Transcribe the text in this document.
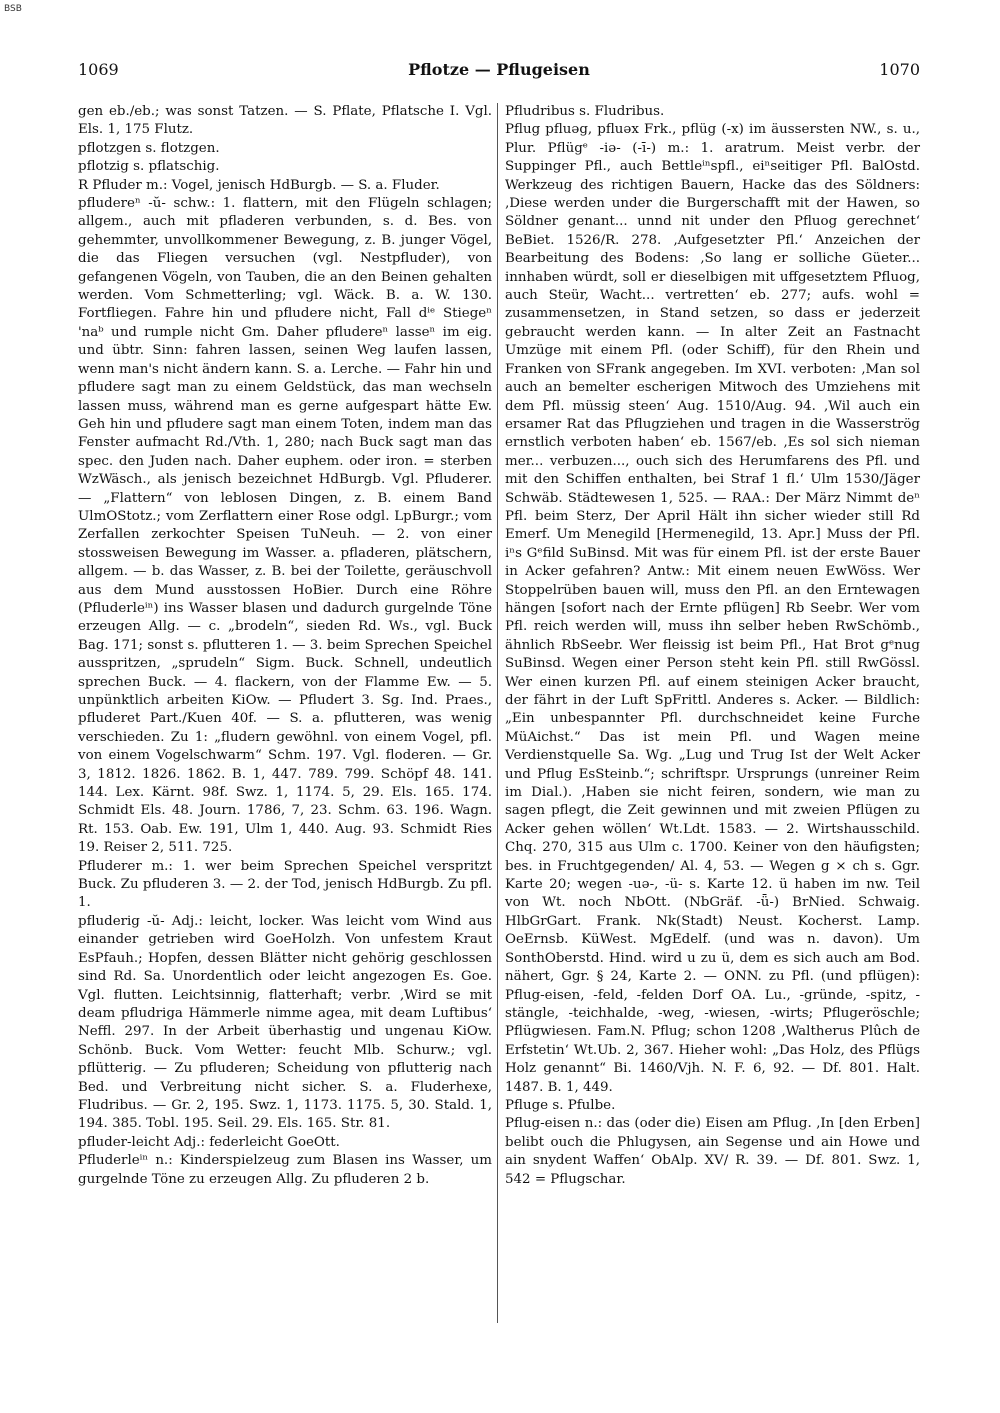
BSB
1069	Pflotze — Pflugeisen	1070

gen eb./eb.; was sonst Tatzen. — S. Pflate, Pflatsche I. Vgl. Els. 1, 175 Flutz.

pflotzgen s. flotzgen.

pflotzig s. pflatschig.

R Pfluder m.: Vogel, jenisch HdBurgb. — S. a. Fluder.

pfludereⁿ -ŭ- schw.: 1. flattern, mit den Flügeln schlagen; allgem., auch mit pfladeren verbunden, s. d. Bes. von gehemmter, unvollkommener Bewegung, z. B. junger Vögel, die das Fliegen versuchen (vgl. Nestpfluder), von gefangenen Vögeln, von Tauben, die an den Beinen gehalten werden. Vom Schmetterling; vgl. Wäck. B. a. W. 130. Fortfliegen. Fahre hin und pfludere nicht, Fall dⁱᵉ Stiegeⁿ 'naᵇ und rumple nicht Gm. Daher pfludereⁿ lasseⁿ im eig. und übtr. Sinn: fahren lassen, seinen Weg laufen lassen, wenn man's nicht ändern kann. S. a. Lerche. — Fahr hin und pfludere sagt man zu einem Geldstück, das man wechseln lassen muss, während man es gerne aufgespart hätte Ew. Geh hin und pfludere sagt man einem Toten, indem man das Fenster aufmacht Rd./Vth. 1, 280; nach Buck sagt man das spec. den Juden nach. Daher euphem. oder iron. = sterben WzWäsch., als jenisch bezeichnet HdBurgb. Vgl. Pfluderer. — „Flattern“ von leblosen Dingen, z. B. einem Band UlmOStotz.; vom Zerflattern einer Rose odgl. LpBurgr.; vom Zerfallen zerkochter Speisen TuNeuh. — 2. von einer stossweisen Bewegung im Wasser. a. pfladeren, plätschern, allgem. — b. das Wasser, z. B. bei der Toilette, geräuschvoll aus dem Mund ausstossen HoBier. Durch eine Röhre (Pfluderleⁱⁿ) ins Wasser blasen und dadurch gurgelnde Töne erzeugen Allg. — c. „brodeln“, sieden Rd. Ws., vgl. Buck Bag. 171; sonst s. pflutteren 1. — 3. beim Sprechen Speichel ausspritzen, „sprudeln“ Sigm. Buck. Schnell, undeutlich sprechen Buck. — 4. flackern, von der Flamme Ew. — 5. unpünktlich arbeiten KiOw. — Pfludert 3. Sg. Ind. Praes., pfluderet Part./Kuen 40f. — S. a. pflutteren, was wenig verschieden. Zu 1: „fludern gewöhnl. von einem Vogel, pfl. von einem Vogelschwarm“ Schm. 197. Vgl. floderen. — Gr. 3, 1812. 1826. 1862. B. 1, 447. 789. 799. Schöpf 48. 141. 144. Lex. Kärnt. 98f. Swz. 1, 1174. 5, 29. Els. 165. 174. Schmidt Els. 48. Journ. 1786, 7, 23. Schm. 63. 196. Wagn. Rt. 153. Oab. Ew. 191, Ulm 1, 440. Aug. 93. Schmidt Ries 19. Reiser 2, 511. 725.

Pfluderer m.: 1. wer beim Sprechen Speichel verspritzt Buck. Zu pfluderen 3. — 2. der Tod, jenisch HdBurgb. Zu pfl. 1.

pfluderig -ŭ- Adj.: leicht, locker. Was leicht vom Wind aus einander getrieben wird GoeHolzh. Von unfestem Kraut EsPfauh.; Hopfen, dessen Blätter nicht gehörig geschlossen sind Rd. Sa. Unordentlich oder leicht angezogen Es. Goe. Vgl. flutten. Leichtsinnig, flatterhaft; verbr. ‚Wird se mit deam pfludriga Hämmerle nimme agea, mit deam Luftibus‘ Neffl. 297. In der Arbeit überhastig und ungenau KiOw. Schönb. Buck. Vom Wetter: feucht Mlb. Schurw.; vgl. pflütterig. — Zu pfluderen; Scheidung von pflutterig nach Bed. und Verbreitung nicht sicher. S. a. Fluderhexe, Fludribus. — Gr. 2, 195. Swz. 1, 1173. 1175. 5, 30. Stald. 1, 194. 385. Tobl. 195. Seil. 29. Els. 165. Str. 81.

pfluder-leicht Adj.: federleicht GoeOtt.

Pfluderleⁱⁿ n.: Kinderspielzeug zum Blasen ins Wasser, um gurgelnde Töne zu erzeugen Allg. Zu pfluderen 2 b.

Pfludribus s. Fludribus.

Pflug pfluəg, pfluəx Frk., pflüg (-x) im äussersten NW., s. u., Plur. Pflügᵉ -iə- (-ī-) m.: 1. aratrum. Meist verbr. der Suppinger Pfl., auch Bettleⁱⁿspfl., eiⁿseitiger Pfl. BalOstd. Werkzeug des richtigen Bauern, Hacke das des Söldners: ‚Diese werden under die Burgerschafft mit der Hawen, so Söldner genant... unnd nit under den Pfluog gerechnet‘ BeBiet. 1526/R. 278. ‚Aufgesetzter Pfl.‘ Anzeichen der Bearbeitung des Bodens: ‚So lang er solliche Güeter... innhaben würdt, soll er dieselbigen mit uffgesetztem Pfluog, auch Steür, Wacht... vertretten‘ eb. 277; aufs. wohl = zusammensetzen, in Stand setzen, so dass er jederzeit gebraucht werden kann. — In alter Zeit an Fastnacht Umzüge mit einem Pfl. (oder Schiff), für den Rhein und Franken von SFrank angegeben. Im XVI. verboten: ‚Man sol auch an bemelter escherigen Mitwoch des Umziehens mit dem Pfl. müssig steen‘ Aug. 1510/Aug. 94. ‚Wil auch ein ersamer Rat das Pflugziehen und tragen in die Wasserströg ernstlich verboten haben‘ eb. 1567/eb. ‚Es sol sich nieman mer... verbuzen..., ouch sich des Herumfarens des Pfl. und mit den Schiffen enthalten, bei Straf 1 fl.‘ Ulm 1530/Jäger Schwäb. Städtewesen 1, 525. — RAA.: Der März Nimmt deⁿ Pfl. beim Sterz, Der April Hält ihn sicher wieder still Rd Emerf. Um Menegild [Hermenegild, 13. Apr.] Muss der Pfl. iⁿs Gᵉfild SuBinsd. Mit was für einem Pfl. ist der erste Bauer in Acker gefahren? Antw.: Mit einem neuen EwWöss. Wer Stoppelrüben bauen will, muss den Pfl. an den Erntewagen hängen [sofort nach der Ernte pflügen] Rb Seebr. Wer vom Pfl. reich werden will, muss ihn selber heben RwSchömb., ähnlich RbSeebr. Wer fleissig ist beim Pfl., Hat Brot gᵉnug SuBinsd. Wegen einer Person steht kein Pfl. still RwGössl. Wer einen kurzen Pfl. auf einem steinigen Acker braucht, der fährt in der Luft SpFrittl. Anderes s. Acker. — Bildlich: „Ein unbespannter Pfl. durchschneidet keine Furche MüAichst.“ Das ist mein Pfl. und Wagen meine Verdienstquelle Sa. Wg. „Lug und Trug Ist der Welt Acker und Pflug EsSteinb.“; schriftspr. Ursprungs (unreiner Reim im Dial.). ‚Haben sie nicht feiren, sondern, wie man zu sagen pflegt, die Zeit gewinnen und mit zweien Pflügen zu Acker gehen wöllen‘ Wt.Ldt. 1583. — 2. Wirtshausschild. Chq. 270, 315 aus Ulm c. 1700. Keiner von den häufigsten; bes. in Fruchtgegenden/ Al. 4, 53. — Wegen g × ch s. Ggr. Karte 20; wegen -uə-, -ü- s. Karte 12. ü haben im nw. Teil von Wt. noch NbOtt. (NbGräf. -ǖ-) BrNied. Schwaig. HlbGrGart. Frank. Nk(Stadt) Neust. Kocherst. Lamp. OeErnsb. KüWest. MgEdelf. (und was n. davon). Um SonthOberstd. Hind. wird u zu ü, dem es sich auch am Bod. nähert, Ggr. § 24, Karte 2. — ONN. zu Pfl. (und pflügen): Pflug-eisen, -feld, -felden Dorf OA. Lu., -gründe, -spitz, -stängle, -teichhalde, -weg, -wiesen, -wirts; Pflugeröschle; Pflügwiesen. Fam.N. Pflug; schon 1208 ‚Waltherus Plûch de Erfstetin‘ Wt.Ub. 2, 367. Hieher wohl: „Das Holz, des Pflügs Holz genannt“ Bi. 1460/Vjh. N. F. 6, 92. — Df. 801. Halt. 1487. B. 1, 449.

Pfluge s. Pfulbe.

Pflug-eisen n.: das (oder die) Eisen am Pflug. ‚In [den Erben] belibt ouch die Phlugysen, ain Segense und ain Howe und ain snydent Waffen‘ ObAlp. XV/ R. 39. — Df. 801. Swz. 1, 542 = Pflugschar.
